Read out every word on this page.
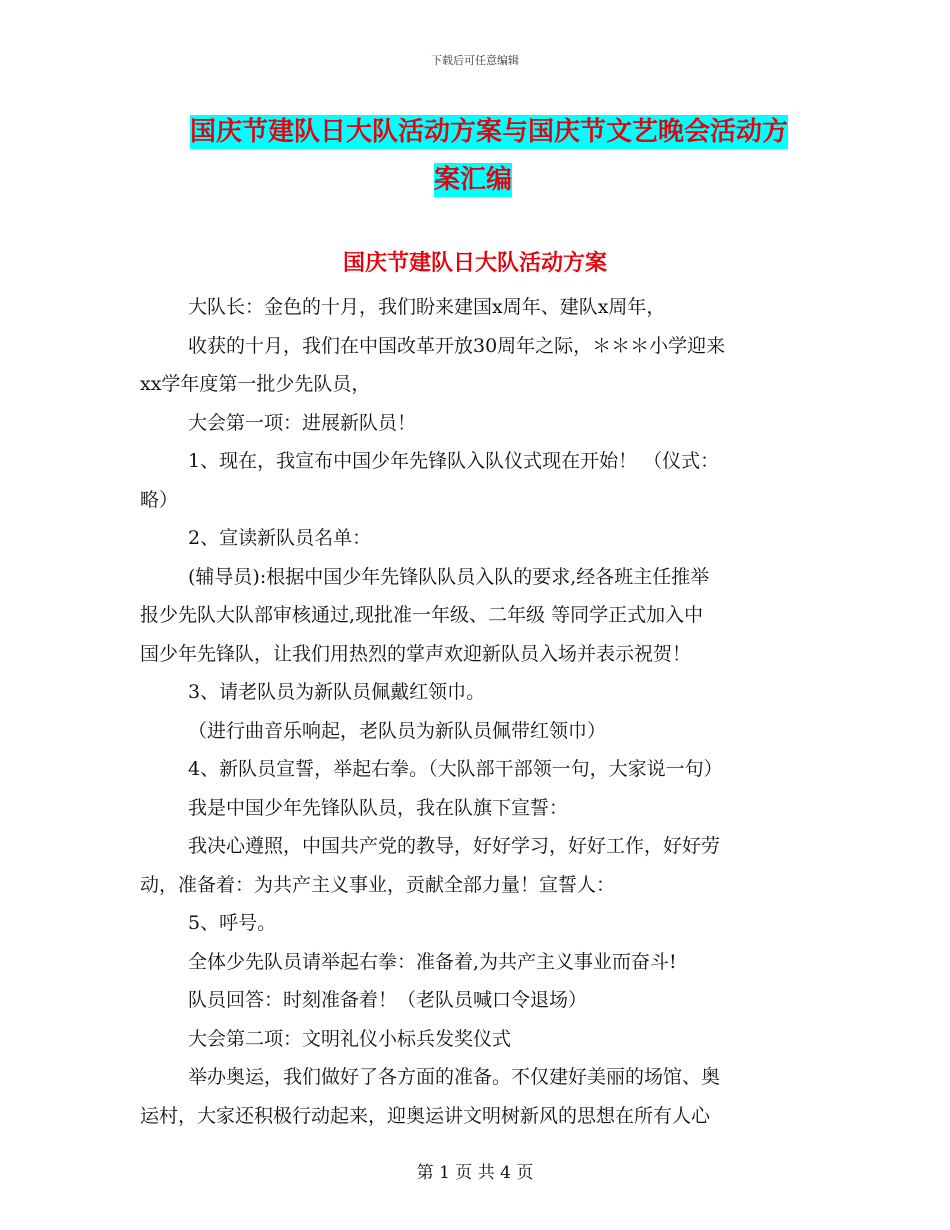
下载后可任意编辑
国庆节建队日大队活动方案与国庆节文艺晚会活动方
案汇编
国庆节建队日大队活动方案
大队长：金色的十月，我们盼来建国x周年、建队x周年，
收获的十月，我们在中国改革开放30周年之际，＊＊＊小学迎来
xx学年度第一批少先队员，
大会第一项：进展新队员！
1、现在，我宣布中国少年先锋队入队仪式现在开始！ （仪式：
略）
2、宣读新队员名单：
(辅导员):根据中国少年先锋队队员入队的要求,经各班主任推举
报少先队大队部审核通过,现批准一年级、二年级 等同学正式加入中
国少年先锋队，让我们用热烈的掌声欢迎新队员入场并表示祝贺！
3、请老队员为新队员佩戴红领巾。
（进行曲音乐响起，老队员为新队员佩带红领巾）
4、新队员宣誓，举起右拳。（大队部干部领一句，大家说一句）
我是中国少年先锋队队员，我在队旗下宣誓：
我决心遵照，中国共产党的教导，好好学习，好好工作，好好劳
动，准备着：为共产主义事业，贡献全部力量！宣誓人：
5、呼号。
全体少先队员请举起右拳：准备着,为共产主义事业而奋斗!
队员回答：时刻准备着！（老队员喊口令退场）
大会第二项：文明礼仪小标兵发奖仪式
举办奥运，我们做好了各方面的准备。不仅建好美丽的场馆、奥
运村，大家还积极行动起来，迎奥运讲文明树新风的思想在所有人心
第 1 页 共 4 页
